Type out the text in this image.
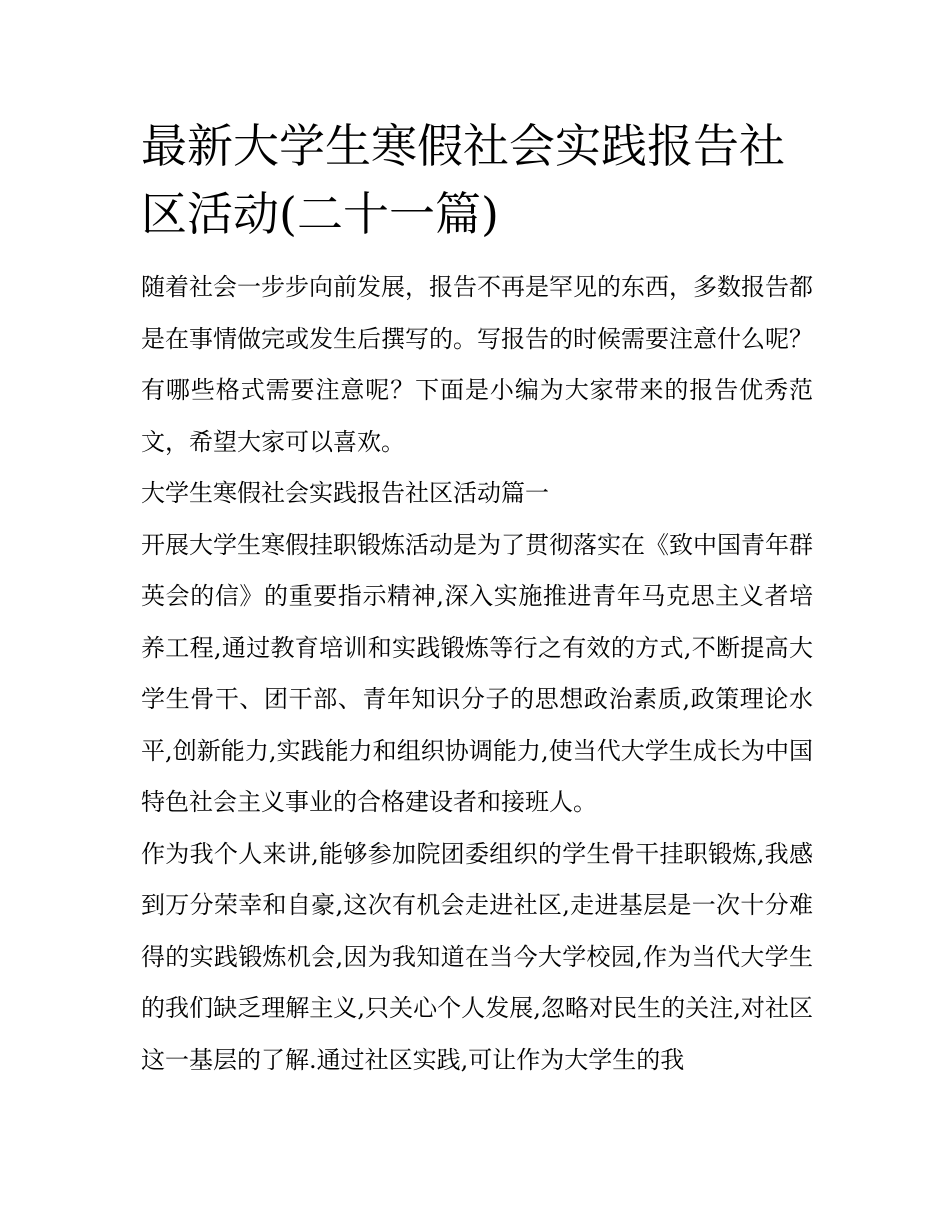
最新大学生寒假社会实践报告社区活动(二十一篇)

随着社会一步步向前发展，报告不再是罕见的东西，多数报告都是在事情做完或发生后撰写的。写报告的时候需要注意什么呢？有哪些格式需要注意呢？下面是小编为大家带来的报告优秀范文，希望大家可以喜欢。

大学生寒假社会实践报告社区活动篇一

开展大学生寒假挂职锻炼活动是为了贯彻落实在《致中国青年群英会的信》的重要指示精神,深入实施推进青年马克思主义者培养工程,通过教育培训和实践锻炼等行之有效的方式,不断提高大学生骨干、团干部、青年知识分子的思想政治素质,政策理论水平,创新能力,实践能力和组织协调能力,使当代大学生成长为中国特色社会主义事业的合格建设者和接班人。

作为我个人来讲,能够参加院团委组织的学生骨干挂职锻炼,我感到万分荣幸和自豪,这次有机会走进社区,走进基层是一次十分难得的实践锻炼机会,因为我知道在当今大学校园,作为当代大学生的我们缺乏理解主义,只关心个人发展,忽略对民生的关注,对社区这一基层的了解.通过社区实践,可让作为大学生的我
